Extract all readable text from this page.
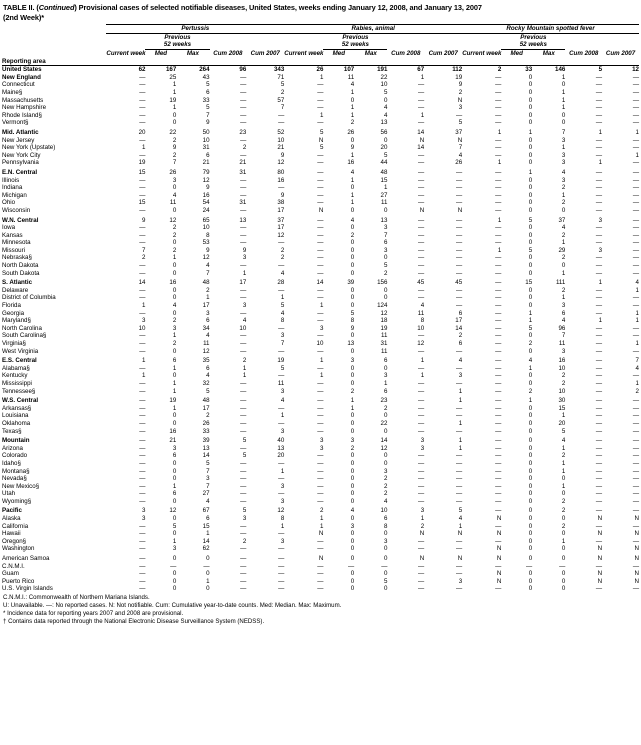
TABLE II. (Continued) Provisional cases of selected notifiable diseases, United States, weeks ending January 12, 2008, and January 13, 2007
(2nd Week)*
	Pertussis					Rabies, animal					Rocky Mountain spotted fever				
	Current week	Previous		Cum 2008	Cum 2007	Current week	Previous		Cum 2008	Cum 2007	Current week	Previous		Cum 2008	Cum 2007
		52 weeks					52 weeks					52 weeks			
		Med	Max				Med	Max				Med	Max		
Reporting area															
United States	62	167	264	96	343	26	107	191	67	112	2	33	146	5	12
New England	—	25	43	—	71	1	11	22	1	19	—	0	1	—	—
Connecticut	—	1	5	—	5	—	4	10	—	9	—	0	0	—	—
Maine§	—	1	6	—	2	—	1	5	—	2	—	0	1	—	—
Massachusetts	—	19	33	—	57	—	0	0	—	N	—	0	1	—	—
New Hampshire	—	1	5	—	7	—	1	4	—	3	—	0	1	—	—
Rhode Island§	—	0	7	—	—	1	1	4	1	—	—	0	0	—	—
Vermont§	—	0	9	—	—	—	2	13	—	5	—	0	0	—	—
Mid. Atlantic	20	22	50	23	52	5	26	56	14	37	1	1	7	1	1
New Jersey	—	2	10	—	10	N	0	0	N	N	—	0	3	—	—
New York (Upstate)	1	9	31	2	21	5	9	20	14	7	—	0	1	—	—
New York City	—	2	6	—	9	—	1	5	—	4	—	0	3	—	1
Pennsylvania	19	7	21	21	12	—	16	44	—	26	1	0	3	1	—
E.N. Central	15	26	79	31	80	—	4	48	—	—	—	1	4	—	—
Illinois	—	3	12	—	16	—	1	15	—	—	—	0	3	—	—
Indiana	—	0	9	—	—	—	0	1	—	—	—	0	2	—	—
Michigan	—	4	16	—	9	—	1	27	—	—	—	0	1	—	—
Ohio	15	11	54	31	38	—	1	11	—	—	—	0	2	—	—
Wisconsin	—	0	24	—	17	N	0	0	N	N	—	0	0	—	—
W.N. Central	9	12	65	13	37	—	4	13	—	—	1	5	37	3	—
Iowa	—	2	10	—	17	—	0	3	—	—	—	0	4	—	—
Kansas	—	2	8	—	12	—	2	7	—	—	—	0	2	—	—
Minnesota	—	0	53	—	—	—	0	6	—	—	—	0	1	—	—
Missouri	7	2	9	9	2	—	0	3	—	—	1	5	29	3	—
Nebraska§	2	1	12	3	2	—	0	0	—	—	—	0	2	—	—
North Dakota	—	0	4	—	—	—	0	5	—	—	—	0	0	—	—
South Dakota	—	0	7	1	4	—	0	2	—	—	—	0	1	—	—
S. Atlantic	14	16	48	17	28	14	39	156	45	45	—	15	111	1	4
Delaware	—	0	2	—	—	—	0	0	—	—	—	0	2	—	1
District of Columbia	—	0	1	—	1	—	0	0	—	—	—	0	1	—	—
Florida	1	4	17	3	5	1	0	124	4	—	—	0	3	—	—
Georgia	—	0	3	—	4	—	5	12	11	6	—	1	6	—	1
Maryland§	3	2	6	4	8	—	8	18	8	17	—	1	4	1	1
North Carolina	10	3	34	10	—	3	9	19	10	14	—	5	96	—	—
South Carolina§	—	1	4	—	3	—	0	11	—	2	—	0	7	—	—
Virginia§	—	2	11	—	7	10	13	31	12	6	—	2	11	—	1
West Virginia	—	0	12	—	—	—	0	11	—	—	—	0	3	—	—
E.S. Central	1	6	35	2	19	1	3	6	1	4	—	4	16	—	7
Alabama§	—	1	6	1	5	—	0	0	—	—	—	1	10	—	4
Kentucky	1	0	4	1	—	1	0	3	1	3	—	0	2	—	—
Mississippi	—	1	32	—	11	—	0	1	—	—	—	0	2	—	1
Tennessee§	—	1	5	—	3	—	2	6	—	1	—	2	10	—	2
W.S. Central	—	19	48	—	4	—	1	23	—	1	—	1	30	—	—
Arkansas§	—	1	17	—	—	—	1	2	—	—	—	0	15	—	—
Louisiana	—	0	2	—	1	—	0	0	—	—	—	0	1	—	—
Oklahoma	—	0	26	—	—	—	0	22	—	1	—	0	20	—	—
Texas§	—	16	33	—	3	—	0	0	—	—	—	0	5	—	—
Mountain	—	21	39	5	40	3	3	14	3	1	—	0	4	—	—
Arizona	—	3	13	—	13	3	2	12	3	1	—	0	1	—	—
Colorado	—	6	14	5	20	—	0	0	—	—	—	0	2	—	—
Idaho§	—	0	5	—	—	—	0	0	—	—	—	0	1	—	—
Montana§	—	0	7	—	1	—	0	3	—	—	—	0	1	—	—
Nevada§	—	0	3	—	—	—	0	2	—	—	—	0	0	—	—
New Mexico§	—	1	7	—	3	—	0	2	—	—	—	0	1	—	—
Utah	—	6	27	—	—	—	0	2	—	—	—	0	0	—	—
Wyoming§	—	0	4	—	3	—	0	4	—	—	—	0	2	—	—
Pacific	3	12	67	5	12	2	4	10	3	5	—	0	2	—	—
Alaska	3	0	6	3	8	1	0	6	1	4	N	0	0	N	N
California	—	5	15	—	1	1	3	8	2	1	—	0	2	—	—
Hawaii	—	0	1	—	—	N	0	0	N	N	N	0	0	N	N
Oregon§	—	1	14	2	3	—	0	3	—	—	—	0	1	—	—
Washington	—	3	62	—	—	—	0	0	—	—	N	0	0	N	N
American Samoa	—	0	0	—	—	N	0	0	N	N	N	0	0	N	N
C.N.M.I.	—	—	—	—	—	—	—	—	—	—	—	—	—	—	—
Guam	—	0	0	—	—	—	0	0	—	—	N	0	0	N	N
Puerto Rico	—	0	1	—	—	—	0	5	—	3	N	0	0	N	N
U.S. Virgin Islands	—	0	0	—	—	—	0	0	—	—	—	0	0	—	—
C.N.M.I.: Commonwealth of Northern Mariana Islands.
U: Unavailable. —: No reported cases. N: Not notifiable. Cum: Cumulative year-to-date counts. Med: Median. Max: Maximum.
* Incidence data for reporting years 2007 and 2008 are provisional.
† Contains data reported through the National Electronic Disease Surveillance System (NEDSS).
